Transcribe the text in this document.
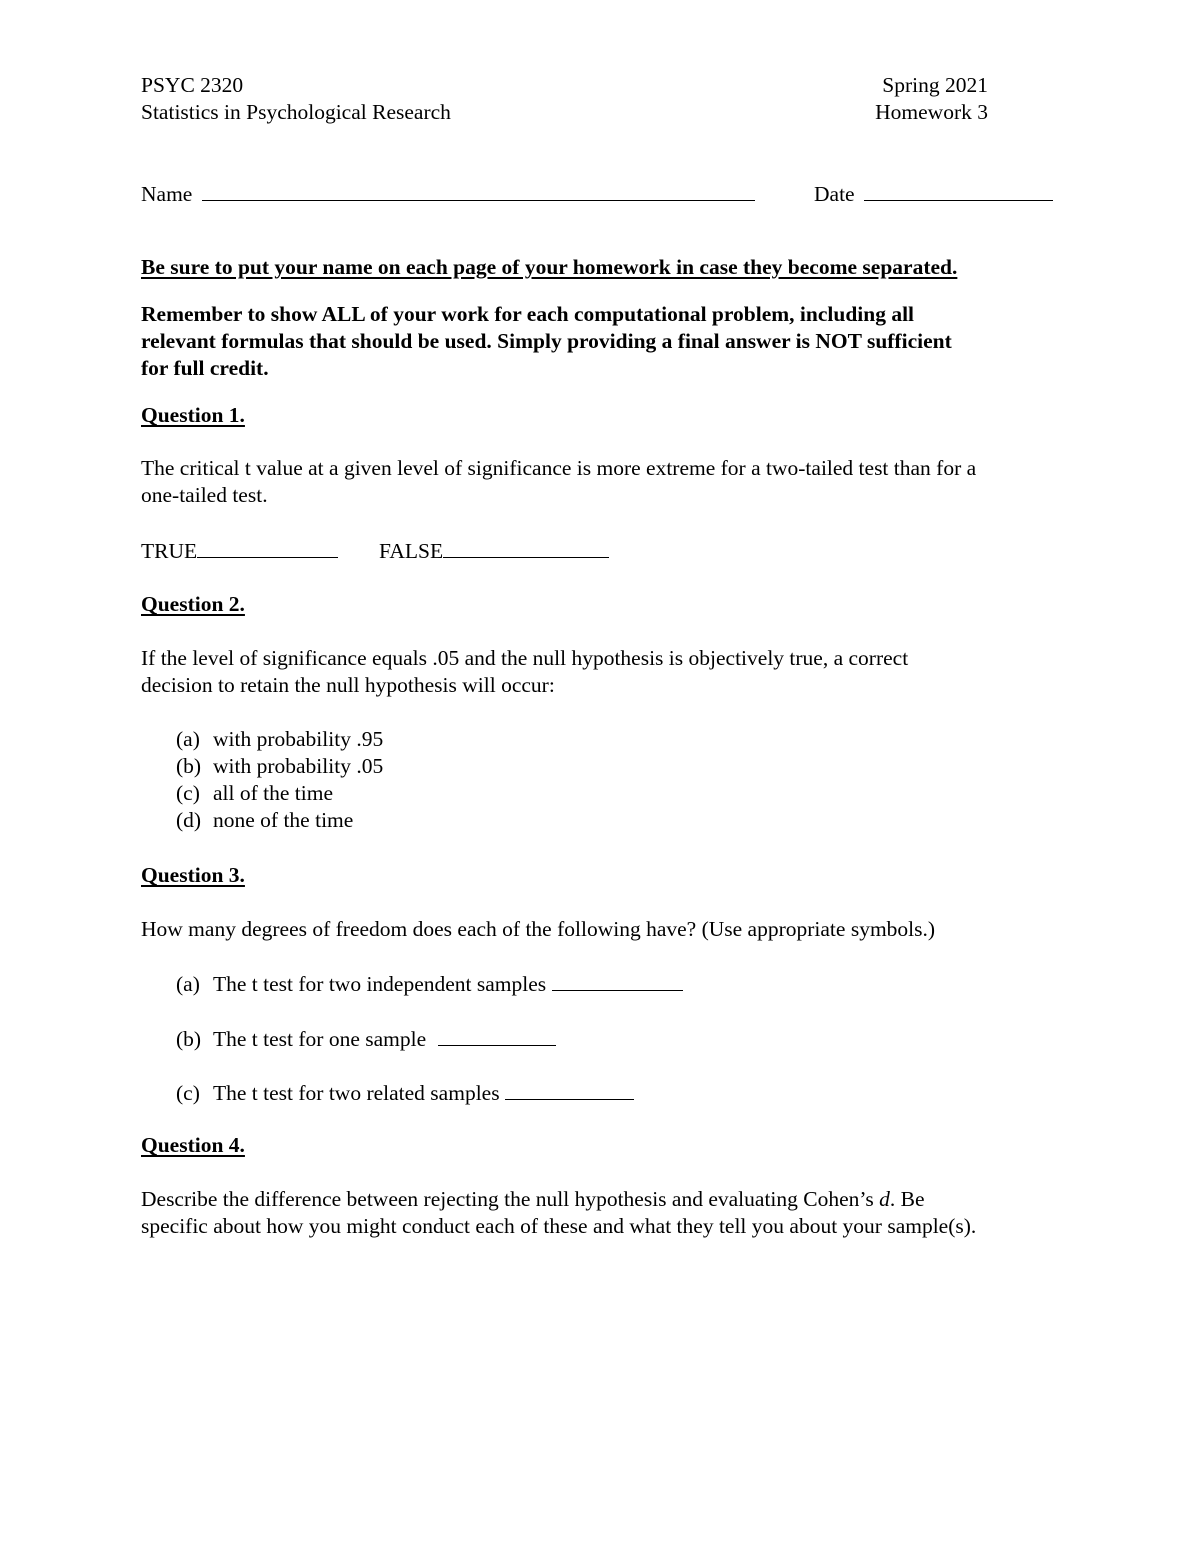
PSYC 2320
Statistics in Psychological Research
Spring 2021
Homework 3
Name	Date
Be sure to put your name on each page of your homework in case they become separated.
Remember to show ALL of your work for each computational problem, including all
relevant formulas that should be used. Simply providing a final answer is NOT sufficient
for full credit.
Question 1.
The critical t value at a given level of significance is more extreme for a two-tailed test than for a
one-tailed test.
TRUE	FALSE
Question 2.
If the level of significance equals .05 and the null hypothesis is objectively true, a correct
decision to retain the null hypothesis will occur:
(a) with probability .95
(b) with probability .05
(c) all of the time
(d) none of the time
Question 3.
How many degrees of freedom does each of the following have? (Use appropriate symbols.)
(a) The t test for two independent samples
(b) The t test for one sample
(c) The t test for two related samples
Question 4.
Describe the difference between rejecting the null hypothesis and evaluating Cohen’s d. Be
specific about how you might conduct each of these and what they tell you about your sample(s).
